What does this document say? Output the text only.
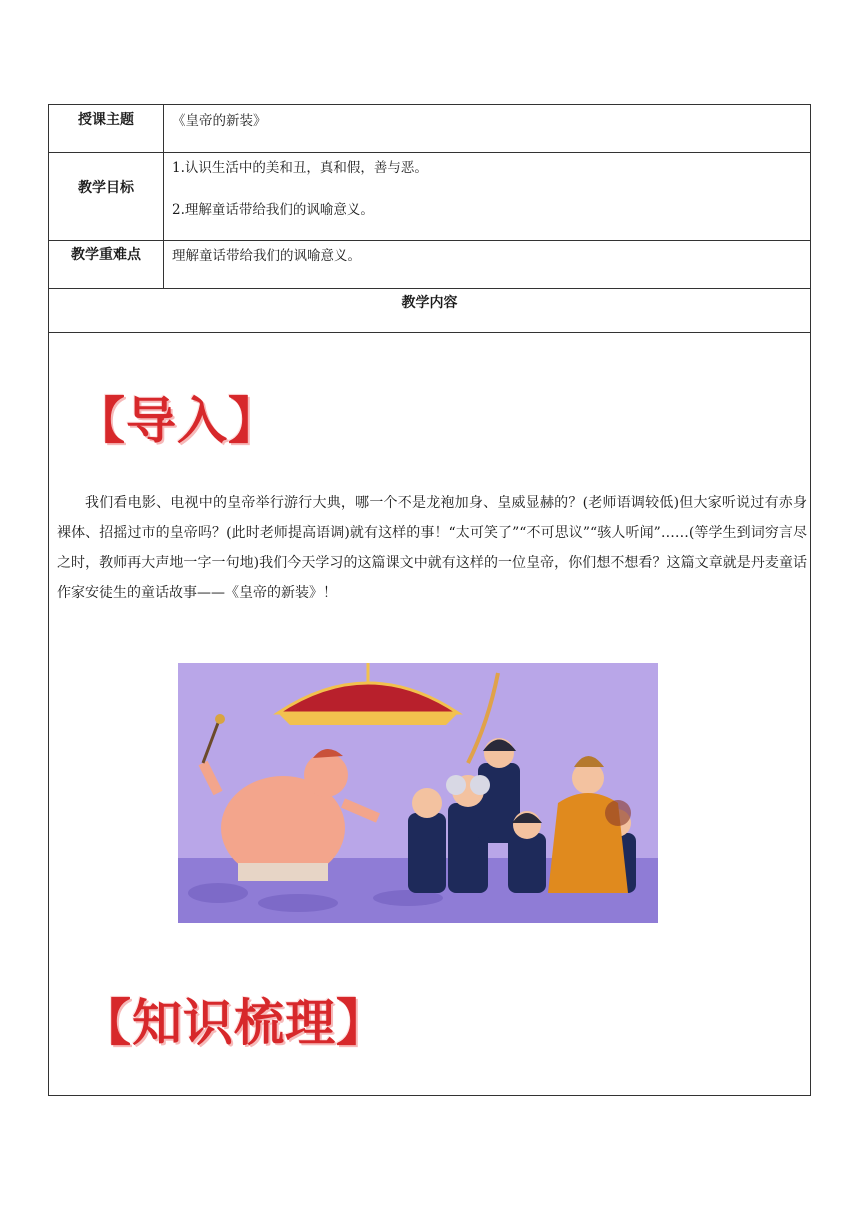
授课主题	《皇帝的新装》

教学目标	1.认识生活中的美和丑，真和假，善与恶。
2.理解童话带给我们的讽喻意义。

教学重难点	理解童话带给我们的讽喻意义。

教学内容	

【导入】
我们看电影、电视中的皇帝举行游行大典，哪一个不是龙袍加身、皇威显赫的？(老师语调较低)但大家听说过有赤身裸体、招摇过市的皇帝吗？(此时老师提高语调)就有这样的事！“太可笑了”“不可思议”“骇人听闻”……(等学生到词穷言尽之时，教师再大声地一字一句地)我们今天学习的这篇课文中就有这样的一位皇帝，你们想不想看？这篇文章就是丹麦童话作家安徒生的童话故事——《皇帝的新装》！
【知识梳理】	
